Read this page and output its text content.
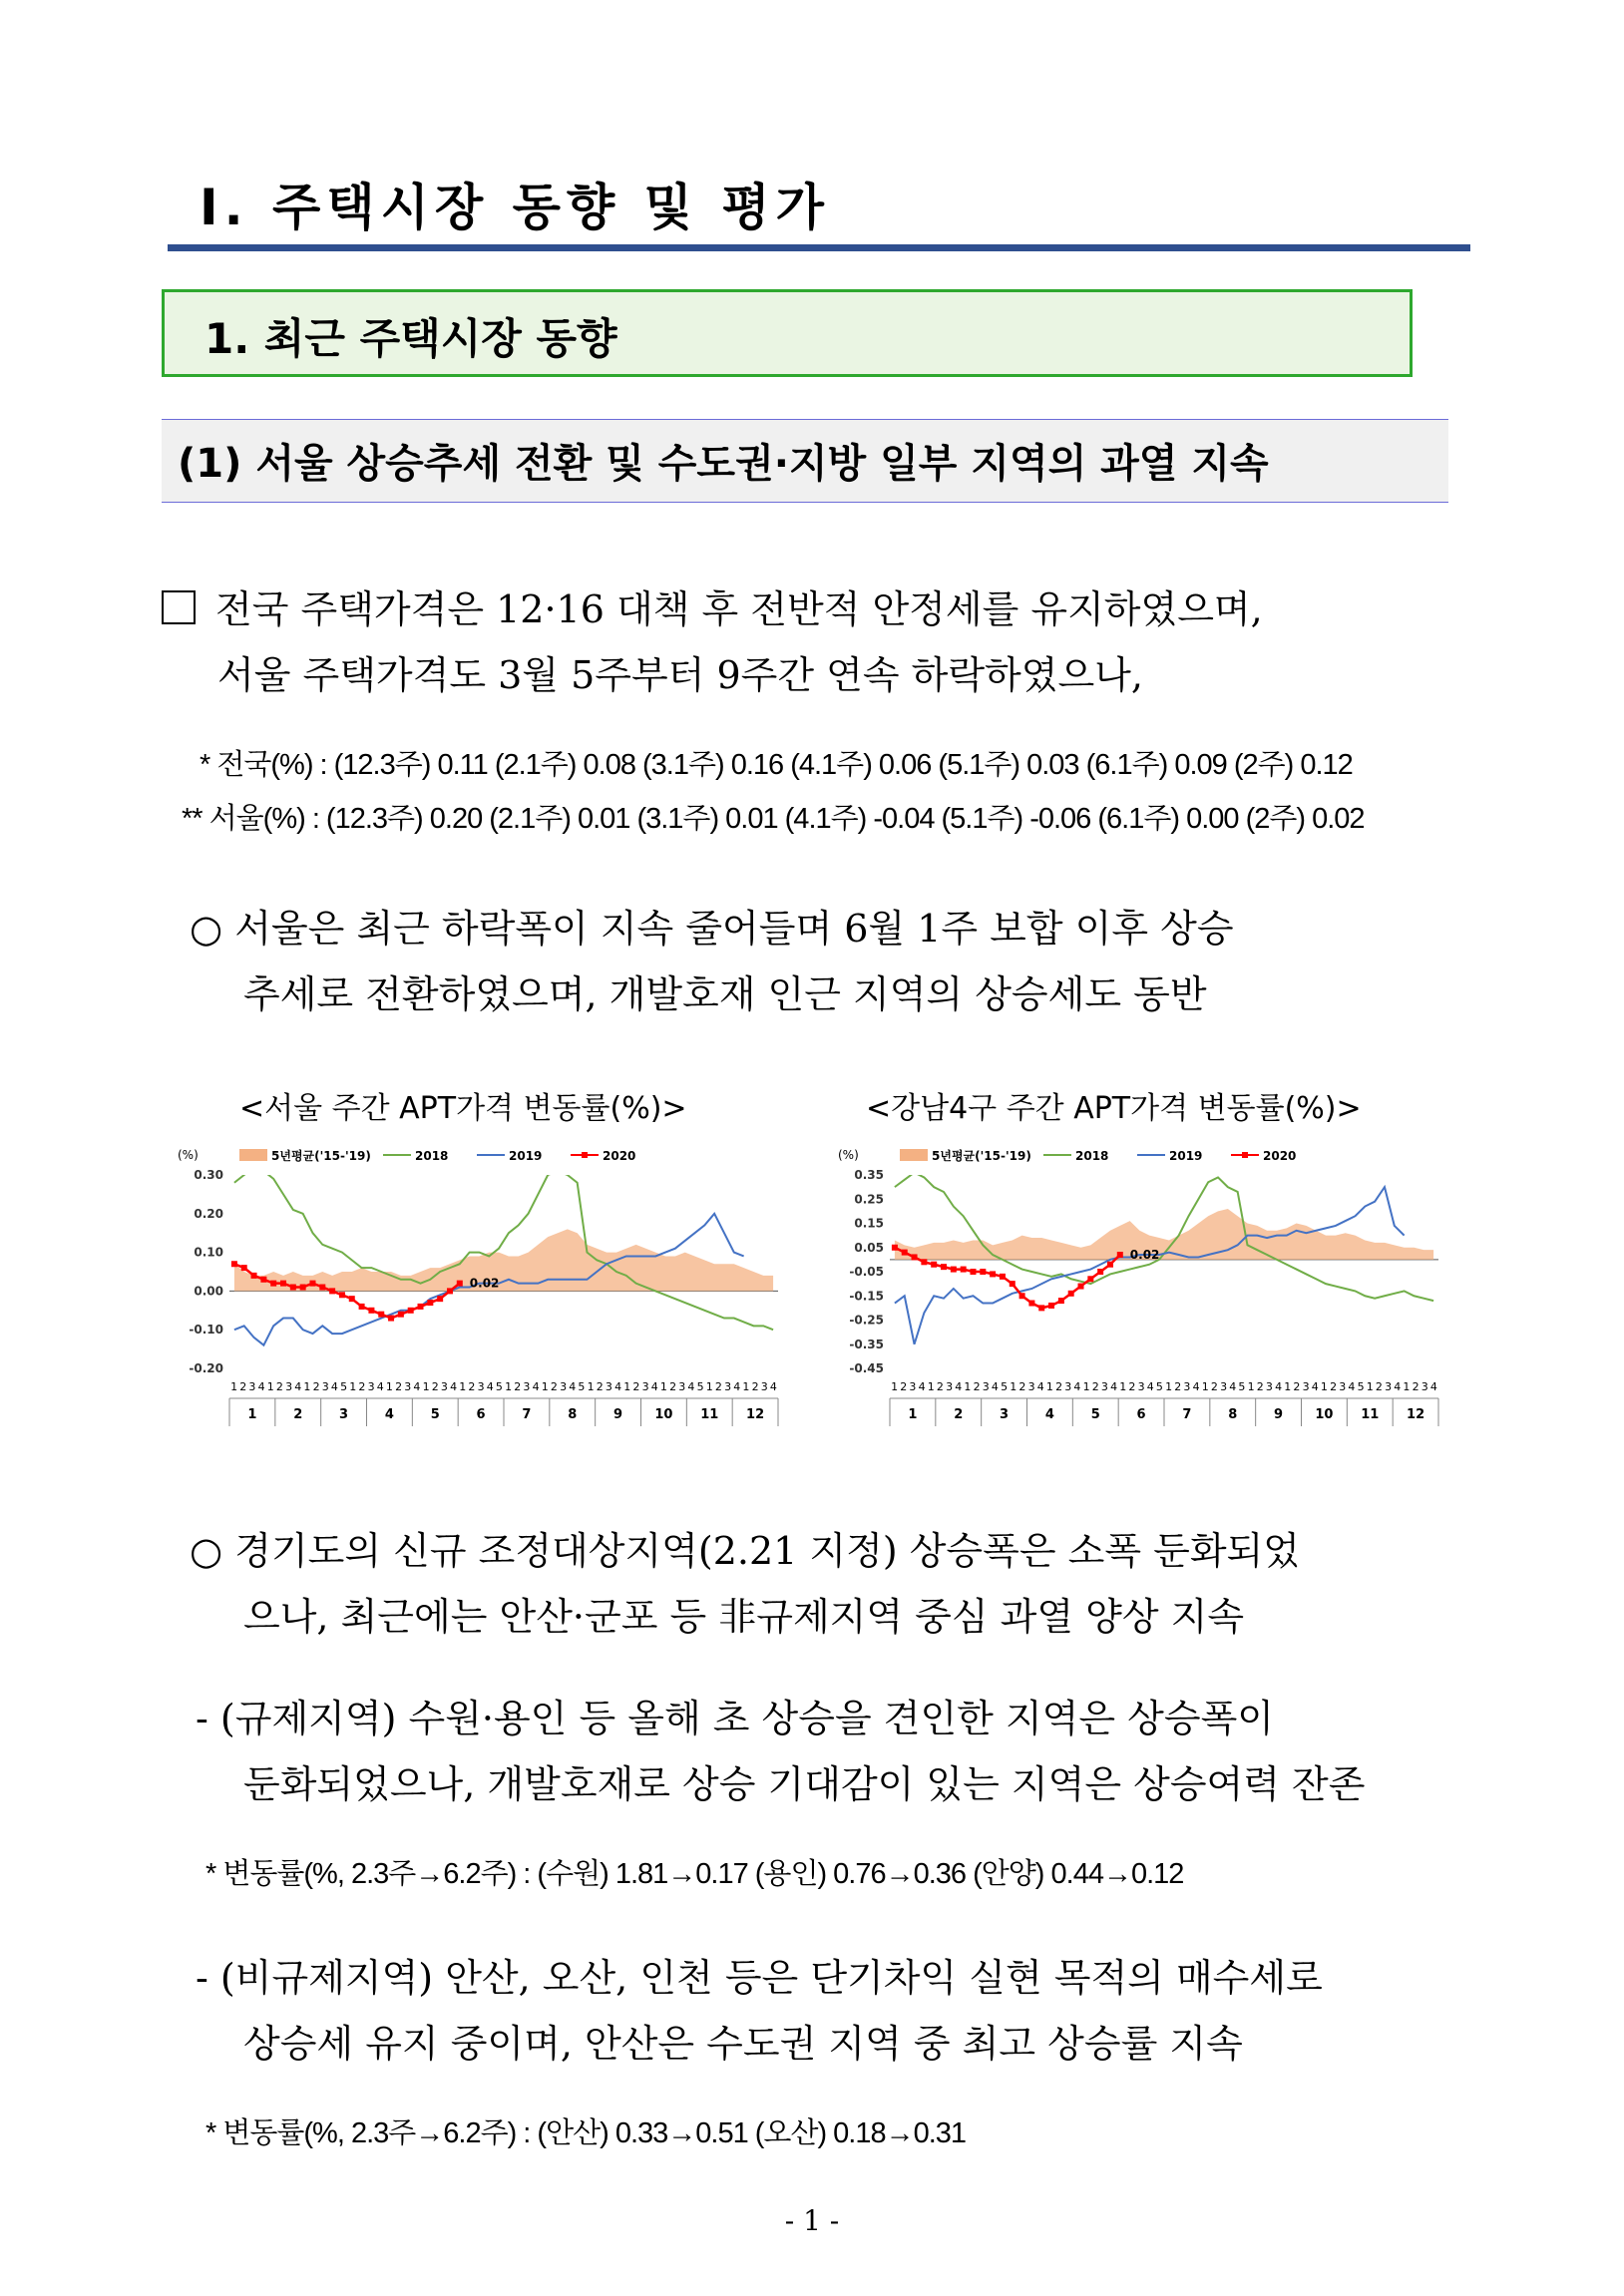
Ⅰ. 주택시장 동향 및 평가
1. 최근 주택시장 동향
(1) 서울 상승추세 전환 및 수도권·지방 일부 지역의 과열 지속
전국 주택가격은 12·16 대책 후 전반적 안정세를 유지하였으며,
서울 주택가격도 3월 5주부터 9주간 연속 하락하였으나,
* 전국(%) : (12.3주) 0.11 (2.1주) 0.08 (3.1주) 0.16 (4.1주) 0.06 (5.1주) 0.03 (6.1주) 0.09 (2주) 0.12
** 서울(%) : (12.3주) 0.20 (2.1주) 0.01 (3.1주) 0.01 (4.1주) -0.04 (5.1주) -0.06 (6.1주) 0.00 (2주) 0.02
○ 서울은 최근 하락폭이 지속 줄어들며 6월 1주 보합 이후 상승
추세로 전환하였으며, 개발호재 인근 지역의 상승세도 동반
<서울 주간 APT가격 변동률(%)>	<강남4구 주간 APT가격 변동률(%)>
(%)
0.30
0.20
0.10
0.00
-0.10
-0.20
0.02
5년평균('15-'19)	2018	2019	2020
1 2 3 4 1 2 3 4 1 2 3 4 5 1 2 3 4 1 2 3 4 1 2 3 4 1 2 3 4 5 1 2 3 4 1 2 3 4 5 1 2 3 4 1 2 3 4 1 2 3 4 5 1 2 3 4 1 2 3 4
1	2	3	4	5	6	7	8	9 10 11 12
(%)
0.35
0.25
0.15
0.05
-0.05
-0.15
-0.25
-0.35
-0.45
0.02
5년평균('15-'19)	2018	2019	2020
1 2 3 4 1 2 3 4 1 2 3 4 5 1 2 3 4 1 2 3 4 1 2 3 4 1 2 3 4 5 1 2 3 4 1 2 3 4 5 1 2 3 4 1 2 3 4 1 2 3 4 5 1 2 3 4 1 2 3 4
1	2	3	4	5	6	7	8	9 10 11 12
○ 경기도의 신규 조정대상지역(2.21 지정) 상승폭은 소폭 둔화되었
으나, 최근에는 안산·군포 등 非규제지역 중심 과열 양상 지속
- (규제지역) 수원·용인 등 올해 초 상승을 견인한 지역은 상승폭이
둔화되었으나, 개발호재로 상승 기대감이 있는 지역은 상승여력 잔존
* 변동률(%, 2.3주→6.2주) : (수원) 1.81→0.17 (용인) 0.76→0.36 (안양) 0.44→0.12
- (비규제지역) 안산, 오산, 인천 등은 단기차익 실현 목적의 매수세로
상승세 유지 중이며, 안산은 수도권 지역 중 최고 상승률 지속
* 변동률(%, 2.3주→6.2주) : (안산) 0.33→0.51 (오산) 0.18→0.31
- 1 -
